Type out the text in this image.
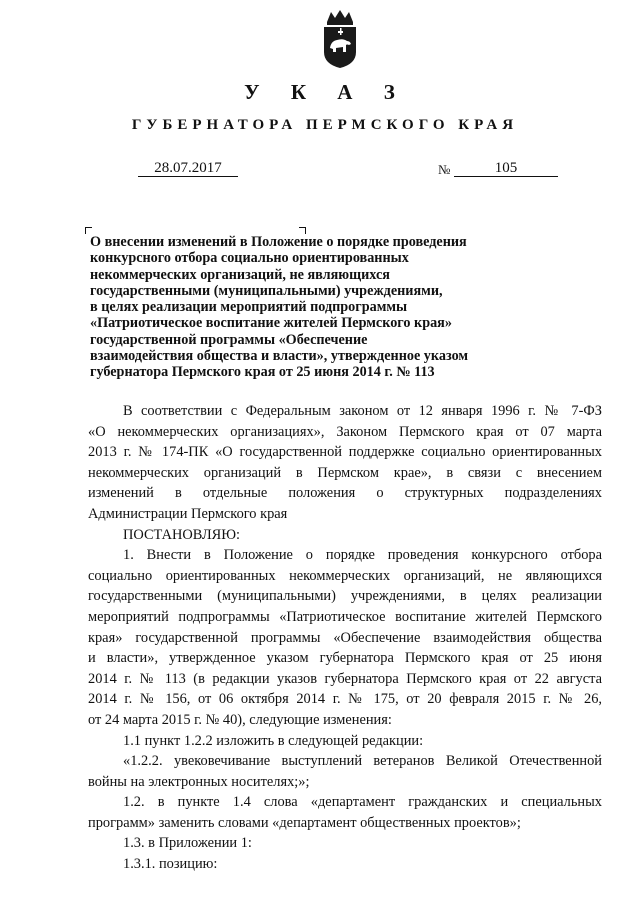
У К А З
ГУБЕРНАТОРА ПЕРМСКОГО КРАЯ
28.07.2017	№	105
О внесении изменений в Положение о порядке проведения
конкурсного отбора социально ориентированных
некоммерческих организаций, не являющихся
государственными (муниципальными) учреждениями,
в целях реализации мероприятий подпрограммы
«Патриотическое воспитание жителей Пермского края»
государственной программы «Обеспечение
взаимодействия общества и власти», утвержденное указом
губернатора Пермского края от 25 июня 2014 г. № 113

В соответствии с Федеральным законом от 12 января 1996 г. № 7-ФЗ

«О некоммерческих организациях», Законом Пермского края от 07 марта

2013 г. № 174-ПК «О государственной поддержке социально ориентированных

некоммерческих организаций в Пермском крае», в связи с внесением

изменений в отдельные положения о структурных подразделениях

Администрации Пермского края

ПОСТАНОВЛЯЮ:

1. Внести в Положение о порядке проведения конкурсного отбора

социально ориентированных некоммерческих организаций, не являющихся

государственными (муниципальными) учреждениями, в целях реализации

мероприятий подпрограммы «Патриотическое воспитание жителей Пермского

края» государственной программы «Обеспечение взаимодействия общества

и власти», утвержденное указом губернатора Пермского края от 25 июня

2014 г. № 113 (в редакции указов губернатора Пермского края от 22 августа

2014 г. № 156, от 06 октября 2014 г. № 175, от 20 февраля 2015 г. № 26,

от 24 марта 2015 г. № 40), следующие изменения:

1.1 пункт 1.2.2 изложить в следующей редакции:

«1.2.2. увековечивание выступлений ветеранов Великой Отечественной

войны на электронных носителях;»;

1.2. в пункте 1.4 слова «департамент гражданских и специальных

программ» заменить словами «департамент общественных проектов»;

1.3. в Приложении 1:

1.3.1. позицию:
